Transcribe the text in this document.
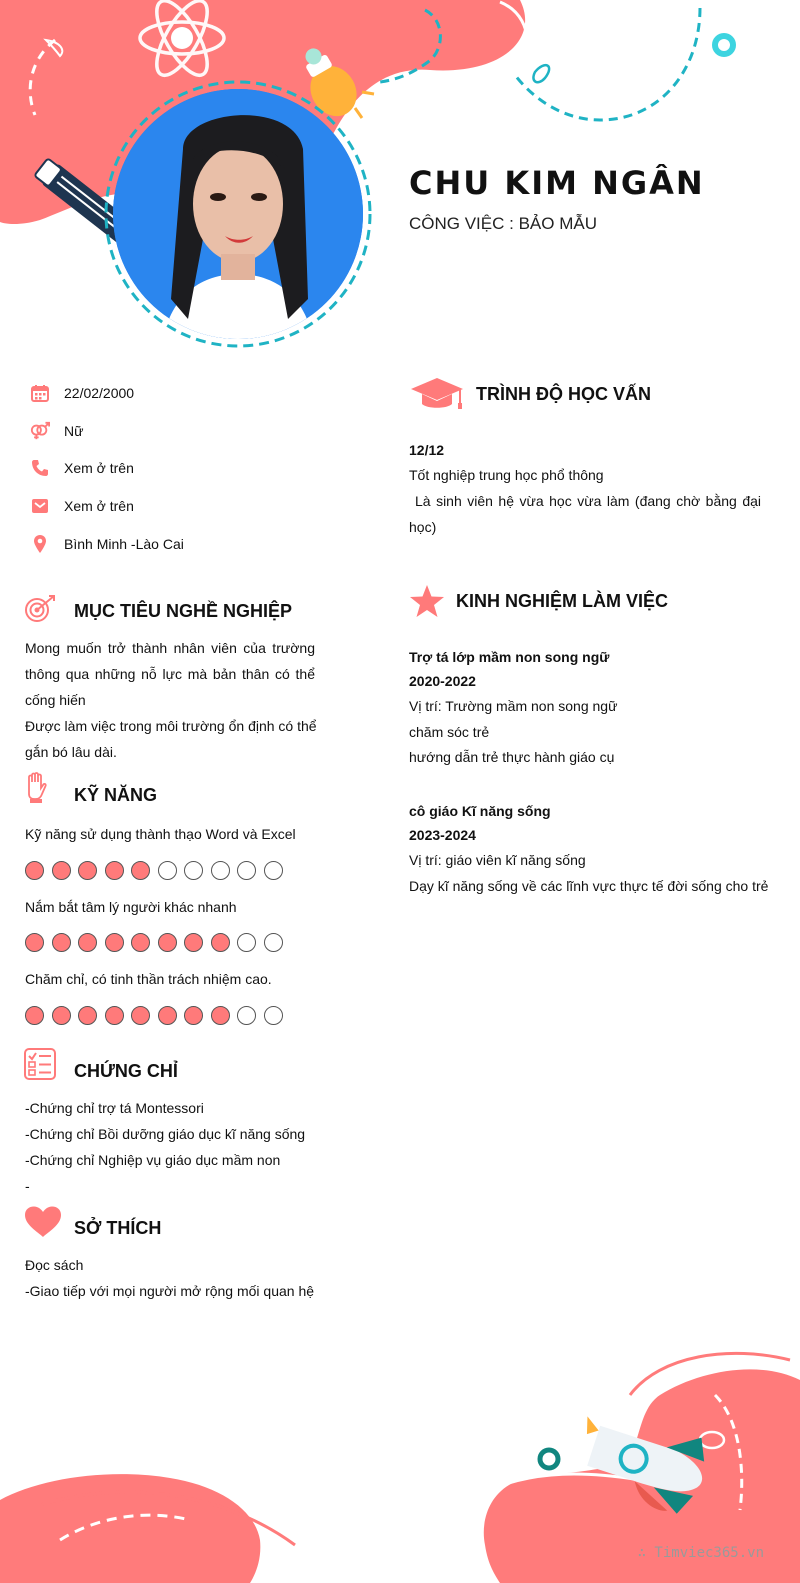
CHU KIM NGÂN
CÔNG VIỆC : BẢO MẪU
22/02/2000
Nữ
Xem ở trên
Xem ở trên
Bình Minh -Lào Cai
MỤC TIÊU NGHỀ NGHIỆP
Mong muốn trở thành nhân viên của trường thông qua những nỗ lực mà bản thân có thể cống hiến
Được làm việc trong môi trường ổn định có thể gắn bó lâu dài.
KỸ NĂNG
Kỹ năng sử dụng thành thạo Word và Excel
Nắm bắt tâm lý người khác nhanh
Chăm chỉ, có tinh thần trách nhiệm cao.
CHỨNG CHỈ
-Chứng chỉ trợ tá Montessori
-Chứng chỉ Bồi dưỡng giáo dục kĩ năng sống
-Chứng chỉ Nghiệp vụ giáo dục mầm non
-
SỞ THÍCH
Đọc sách
-Giao tiếp với mọi người mở rộng mối quan hệ
TRÌNH ĐỘ HỌC VẤN
12/12
Tốt nghiệp trung học phổ thông
Là sinh viên hệ vừa học vừa làm (đang chờ bằng đại học)
KINH NGHIỆM LÀM VIỆC
Trợ tá lớp mầm non song ngữ
2020-2022
Vị trí: Trường mầm non song ngữ
chăm sóc trẻ
hướng dẫn trẻ thực hành giáo cụ
cô giáo Kĩ năng sống
2023-2024
Vị trí: giáo viên kĩ năng sống
Dạy kĩ năng sống về các lĩnh vực thực tế đời sống cho trẻ
∴ Timviec365.vn
